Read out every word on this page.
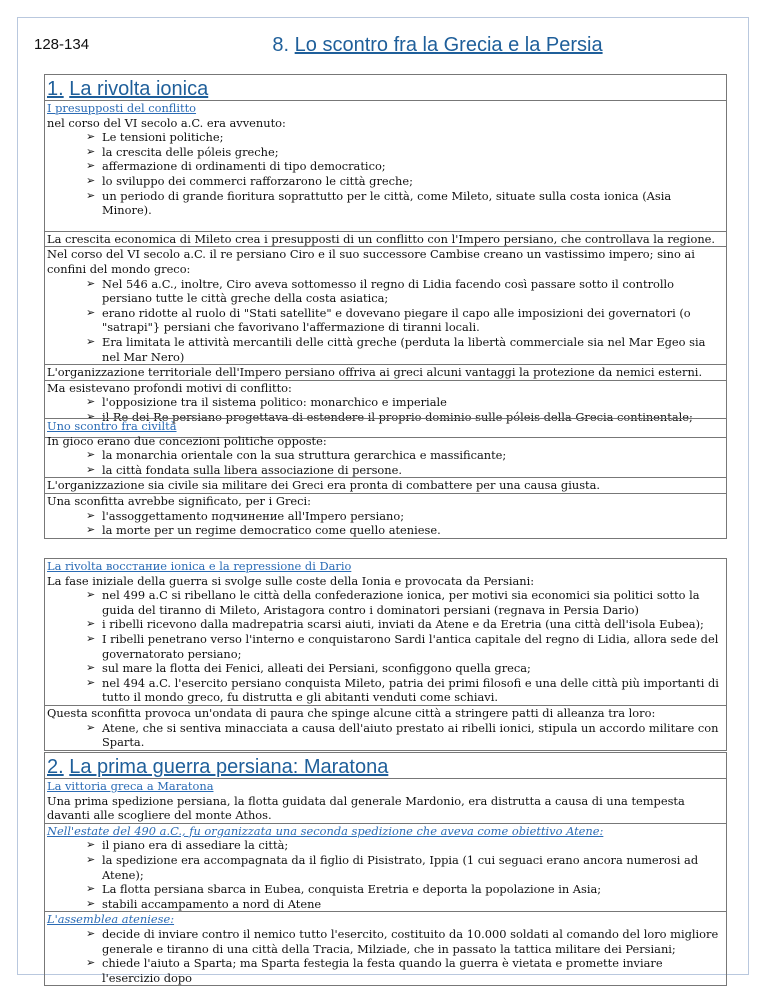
128-134	8. Lo scontro fra la Grecia e la Persia
1. La rivolta ionica
I presupposti del conflitto
nel corso del VI secolo a.C. era avvenuto:
➢ Le tensioni politiche;
➢ la crescita delle póleis greche;
➢ affermazione di ordinamenti di tipo democratico;
➢ lo sviluppo dei commerci rafforzarono le città greche;
➢ un periodo di grande fioritura soprattutto per le città, come Mileto, situate sulla costa ionica (Asia Minore).
La crescita economica di Mileto crea i presupposti di un conflitto con l'Impero persiano, che controllava la regione.
Nel corso del VI secolo a.C. il re persiano Ciro e il suo successore Cambise creano un vastissimo impero; sino ai confini del mondo greco:
➢ Nel 546 a.C., inoltre, Ciro aveva sottomesso il regno di Lidia facendo così passare sotto il controllo persiano tutte le città greche della costa asiatica;
➢ erano ridotte al ruolo di "Stati satellite" e dovevano piegare il capo alle imposizioni dei governatori (o "satrapi"} persiani che favorivano l'affermazione di tiranni locali.
➢ Era limitata le attività mercantili delle città greche (perduta la libertà commerciale sia nel Mar Egeo sia nel Mar Nero)
L'organizzazione territoriale dell'Impero persiano offriva ai greci alcuni vantaggi la protezione da nemici esterni.
Ma esistevano profondi motivi di conflitto:
➢ l'opposizione tra il sistema politico: monarchico e imperiale
➢ il Re dei Re persiano progettava di estendere il proprio dominio sulle póleis della Grecia continentale;
Uno scontro fra civiltà
In gioco erano due concezioni politiche opposte:
➢ la monarchia orientale con la sua struttura gerarchica e massificante;
➢ la città fondata sulla libera associazione di persone.
L'organizzazione sia civile sia militare dei Greci era pronta di combattere per una causa giusta.
Una sconfitta avrebbe significato, per i Greci:
➢ l'assoggettamento подчинение all'Impero persiano;
➢ la morte per un regime democratico come quello ateniese.
La rivolta восстание ionica e la repressione di Dario
La fase iniziale della guerra si svolge sulle coste della Ionia e provocata da Persiani:
➢ nel 499 a.C si ribellano le città della confederazione ionica, per motivi sia economici sia politici sotto la guida del tiranno di Mileto, Aristagora contro i dominatori persiani (regnava in Persia Dario)
➢ i ribelli ricevono dalla madrepatria scarsi aiuti, inviati da Atene e da Eretria (una città dell'isola Eubea);
➢ I ribelli penetrano verso l'interno e conquistarono Sardi l'antica capitale del regno di Lidia, allora sede del governatorato persiano;
➢ sul mare la flotta dei Fenici, alleati dei Persiani, sconfiggono quella greca;
➢ nel 494 a.C. l'esercito persiano conquista Mileto, patria dei primi filosofi e una delle città più importanti di tutto il mondo greco, fu distrutta e gli abitanti venduti come schiavi.
Questa sconfitta provoca un'ondata di paura che spinge alcune città a stringere patti di alleanza tra loro:
➢ Atene, che si sentiva minacciata a causa dell'aiuto prestato ai ribelli ionici, stipula un accordo militare con Sparta.
2. La prima guerra persiana: Maratona
La vittoria greca a Maratona
Una prima spedizione persiana, la flotta guidata dal generale Mardonio, era distrutta a causa di una tempesta davanti alle scogliere del monte Athos.
Nell'estate del 490 a.C., fu organizzata una seconda spedizione che aveva come obiettivo Atene:
➢ il piano era di assediare la città;
➢ la spedizione era accompagnata da il figlio di Pisistrato, Ippia (1 cui seguaci erano ancora numerosi ad Atene);
➢ La flotta persiana sbarca in Eubea, conquista Eretria e deporta la popolazione in Asia;
➢ stabili accampamento a nord di Atene
L'assemblea ateniese:
➢ decide di inviare contro il nemico tutto l'esercito, costituito da 10.000 soldati al comando del loro migliore generale e tiranno di una città della Tracia, Milziade, che in passato la tattica militare dei Persiani;
➢ chiede l'aiuto a Sparta; ma Sparta festegia la festa quando la guerra è vietata e promette inviare l'esercizio dopo
